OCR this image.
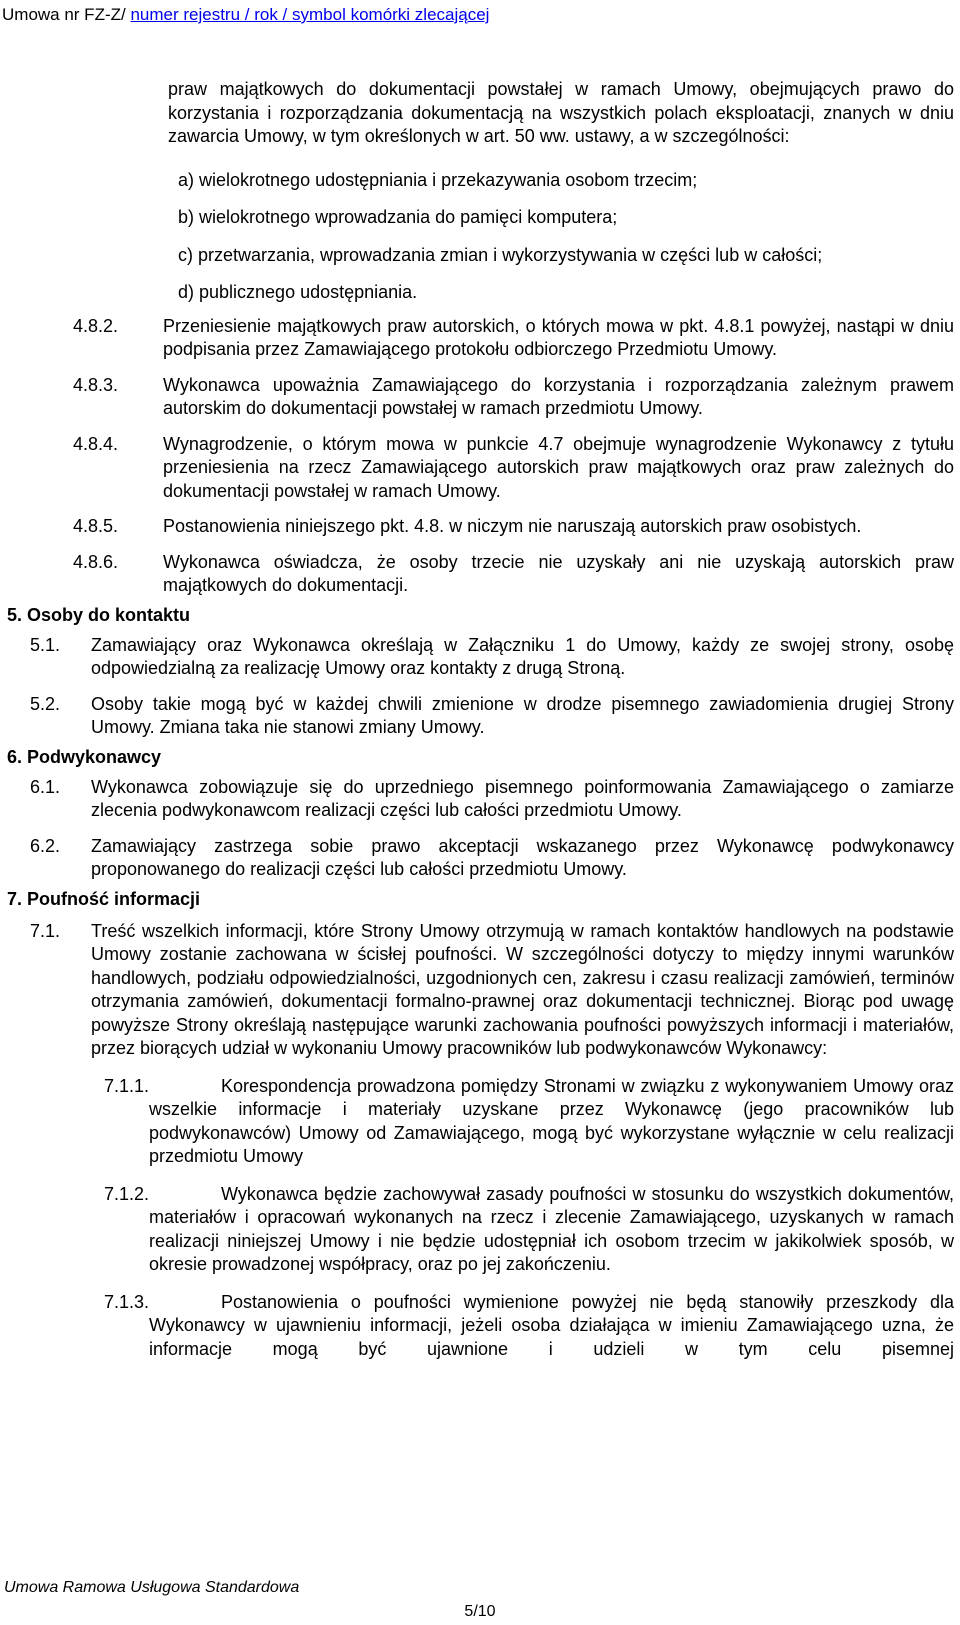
Umowa nr FZ-Z/ numer rejestru / rok / symbol komórki zlecającej
praw majątkowych do dokumentacji powstałej w ramach Umowy, obejmujących prawo do korzystania i rozporządzania dokumentacją na wszystkich polach eksploatacji, znanych w dniu zawarcia Umowy, w tym określonych w art. 50 ww. ustawy, a w szczególności:
a) wielokrotnego udostępniania i przekazywania osobom trzecim;
b) wielokrotnego wprowadzania do pamięci komputera;
c) przetwarzania, wprowadzania zmian i wykorzystywania w części lub w całości;
d) publicznego udostępniania.
4.8.2. Przeniesienie majątkowych praw autorskich, o których mowa w pkt. 4.8.1 powyżej, nastąpi w dniu podpisania przez Zamawiającego protokołu odbiorczego Przedmiotu Umowy.
4.8.3. Wykonawca upoważnia Zamawiającego do korzystania i rozporządzania zależnym prawem autorskim do dokumentacji powstałej w ramach przedmiotu Umowy.
4.8.4. Wynagrodzenie, o którym mowa w punkcie 4.7 obejmuje wynagrodzenie Wykonawcy z tytułu przeniesienia na rzecz Zamawiającego autorskich praw majątkowych oraz praw zależnych do dokumentacji powstałej w ramach Umowy.
4.8.5. Postanowienia niniejszego pkt. 4.8. w niczym nie naruszają autorskich praw osobistych.
4.8.6. Wykonawca oświadcza, że osoby trzecie nie uzyskały ani nie uzyskają autorskich praw majątkowych do dokumentacji.
5. Osoby do kontaktu
5.1. Zamawiający oraz Wykonawca określają w Załączniku 1 do Umowy, każdy ze swojej strony, osobę odpowiedzialną za realizację Umowy oraz kontakty z drugą Stroną.
5.2. Osoby takie mogą być w każdej chwili zmienione w drodze pisemnego zawiadomienia drugiej Strony Umowy. Zmiana taka nie stanowi zmiany Umowy.
6. Podwykonawcy
6.1. Wykonawca zobowiązuje się do uprzedniego pisemnego poinformowania Zamawiającego o zamiarze zlecenia podwykonawcom realizacji części lub całości przedmiotu Umowy.
6.2. Zamawiający zastrzega sobie prawo akceptacji wskazanego przez Wykonawcę podwykonawcy proponowanego do realizacji części lub całości przedmiotu Umowy.
7. Poufność informacji
7.1. Treść wszelkich informacji, które Strony Umowy otrzymują w ramach kontaktów handlowych na podstawie Umowy zostanie zachowana w ścisłej poufności. W szczególności dotyczy to między innymi warunków handlowych, podziału odpowiedzialności, uzgodnionych cen, zakresu i czasu realizacji zamówień, terminów otrzymania zamówień, dokumentacji formalno-prawnej oraz dokumentacji technicznej. Biorąc pod uwagę powyższe Strony określają następujące warunki zachowania poufności powyższych informacji i materiałów, przez biorących udział w wykonaniu Umowy pracowników lub podwykonawców Wykonawcy:
7.1.1.	Korespondencja prowadzona pomiędzy Stronami w związku z wykonywaniem Umowy oraz wszelkie informacje i materiały uzyskane przez Wykonawcę (jego pracowników lub podwykonawców) Umowy od Zamawiającego, mogą być wykorzystane wyłącznie w celu realizacji przedmiotu Umowy
7.1.2.	Wykonawca będzie zachowywał zasady poufności w stosunku do wszystkich dokumentów, materiałów i opracowań wykonanych na rzecz i zlecenie Zamawiającego, uzyskanych w ramach realizacji niniejszej Umowy i nie będzie udostępniał ich osobom trzecim w jakikolwiek sposób, w okresie prowadzonej współpracy, oraz po jej zakończeniu.
7.1.3.	Postanowienia o poufności wymienione powyżej nie będą stanowiły przeszkody dla Wykonawcy w ujawnieniu informacji, jeżeli osoba działająca w imieniu Zamawiającego uzna, że informacje mogą być ujawnione i udzieli w tym celu pisemnej
Umowa Ramowa Usługowa Standardowa
5/10
